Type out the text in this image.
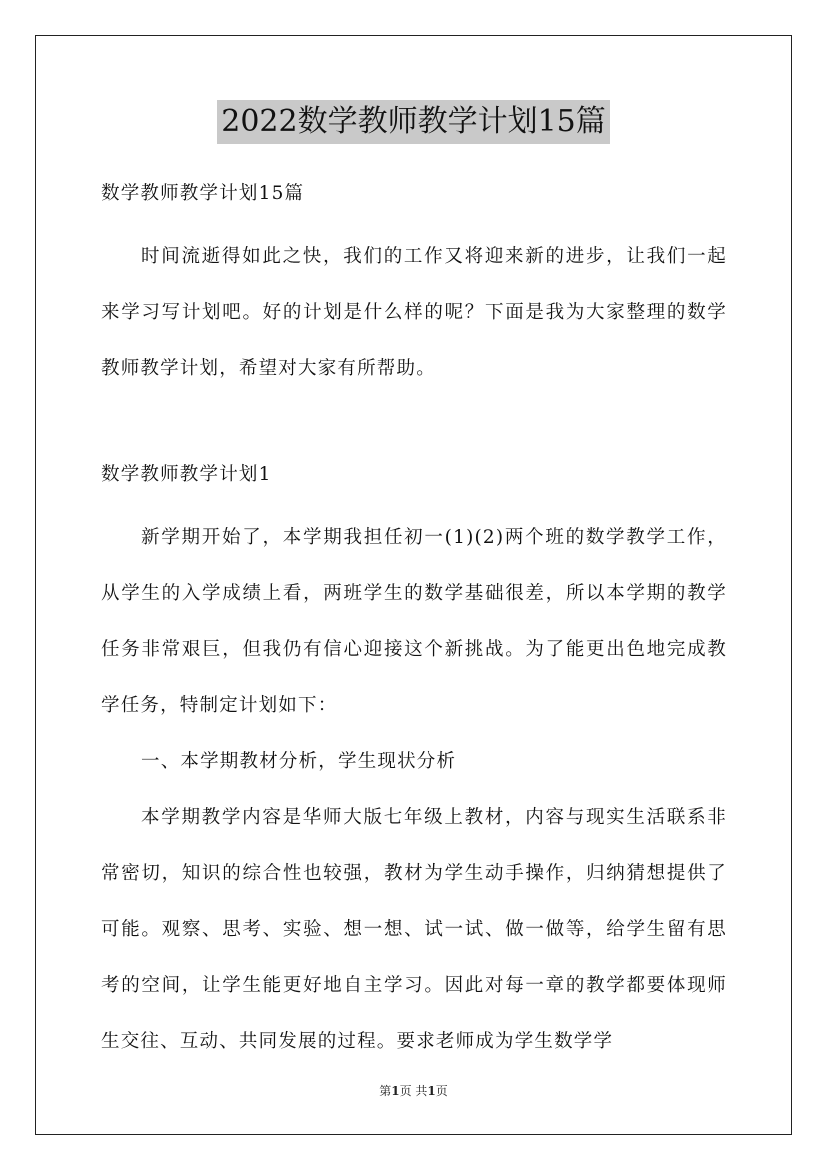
2022数学教师教学计划15篇
数学教师教学计划15篇
时间流逝得如此之快，我们的工作又将迎来新的进步，让我们一起来学习写计划吧。好的计划是什么样的呢？下面是我为大家整理的数学教师教学计划，希望对大家有所帮助。
数学教师教学计划1
新学期开始了，本学期我担任初一(1)(2)两个班的数学教学工作，从学生的入学成绩上看，两班学生的数学基础很差，所以本学期的教学任务非常艰巨，但我仍有信心迎接这个新挑战。为了能更出色地完成教学任务，特制定计划如下：
一、本学期教材分析，学生现状分析
本学期教学内容是华师大版七年级上教材，内容与现实生活联系非常密切，知识的综合性也较强，教材为学生动手操作，归纳猜想提供了可能。观察、思考、实验、想一想、试一试、做一做等，给学生留有思考的空间，让学生能更好地自主学习。因此对每一章的教学都要体现师生交往、互动、共同发展的过程。要求老师成为学生数学学
第1页 共1页
